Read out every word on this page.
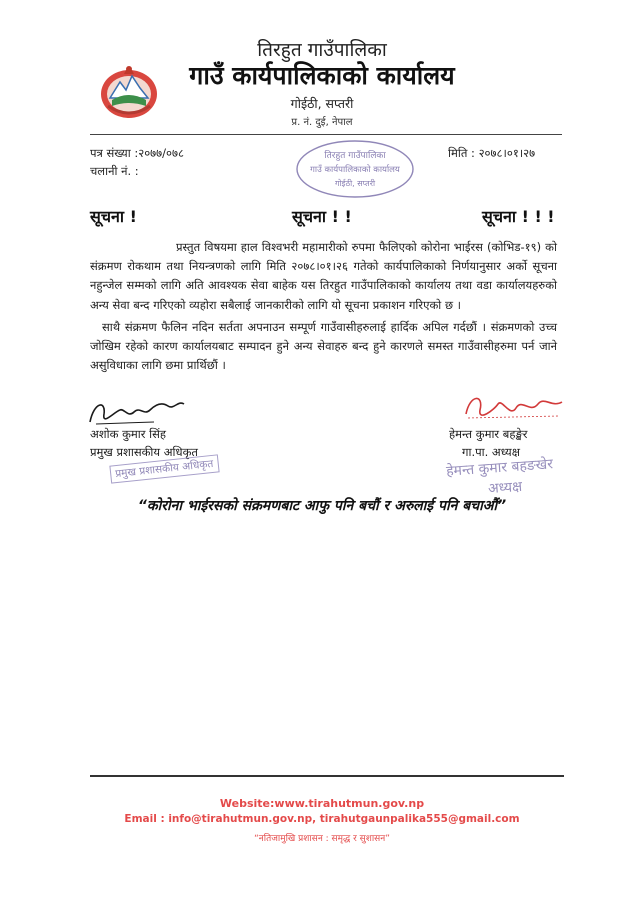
तिरहुत गाउँपालिका
गाउँ कार्यपालिकाको कार्यालय
गोईठी, सप्तरी
प्र. नं. दुई, नेपाल
पत्र संख्या :२०७७/०७८
चलानी नं. :
मिति : २०७८।०१।२७
तिरहुत गाउँपालिका
गाउँ कार्यपालिकाको कार्यालय
गोईठी, सप्तरी
सूचना !	सूचना ! !	सूचना ! ! !
प्रस्तुत विषयमा हाल विश्वभरी महामारीको रुपमा फैलिएको कोरोना भाईरस (कोभिड-१९) को संक्रमण रोकथाम तथा नियन्त्रणको लागि मिति २०७८।०१।२६ गतेको कार्यपालिकाको निर्णयानुसार अर्को सूचना नहुन्जेल सम्मको लागि अति आवश्यक सेवा बाहेक यस तिरहुत गाउँपालिकाको कार्यालय तथा वडा कार्यालयहरुको अन्य सेवा बन्द गरिएको व्यहोरा सबैलाई जानकारीको लागि यो सूचना प्रकाशन गरिएको छ ।
साथै संक्रमण फैलिन नदिन सर्तता अपनाउन सम्पूर्ण गाउँवासीहरुलाई हार्दिक अपिल गर्दछौं । संक्रमणको उच्च जोखिम रहेको कारण कार्यालयबाट सम्पादन हुने अन्य सेवाहरु बन्द हुने कारणले समस्त गाउँवासीहरुमा पर्न जाने असुविधाका लागि छमा प्रार्थिछौं ।
अशोक कुमार सिंह
प्रमुख प्रशासकीय अधिकृत
प्रमुख प्रशासकीय अधिकृत
हेमन्त कुमार बहङ्खेर
गा.पा. अध्यक्ष
हेमन्त कुमार बहङखेर
अध्यक्ष
“कोरोना भाईरसको संक्रमणबाट आफु पनि बचौं र अरुलाई पनि बचाऔं”
Website:www.tirahutmun.gov.np
Email : info@tirahutmun.gov.np, tirahutgaunpalika555@gmail.com
“नतिजामुखि प्रशासन : समृद्ध र सुशासन”
